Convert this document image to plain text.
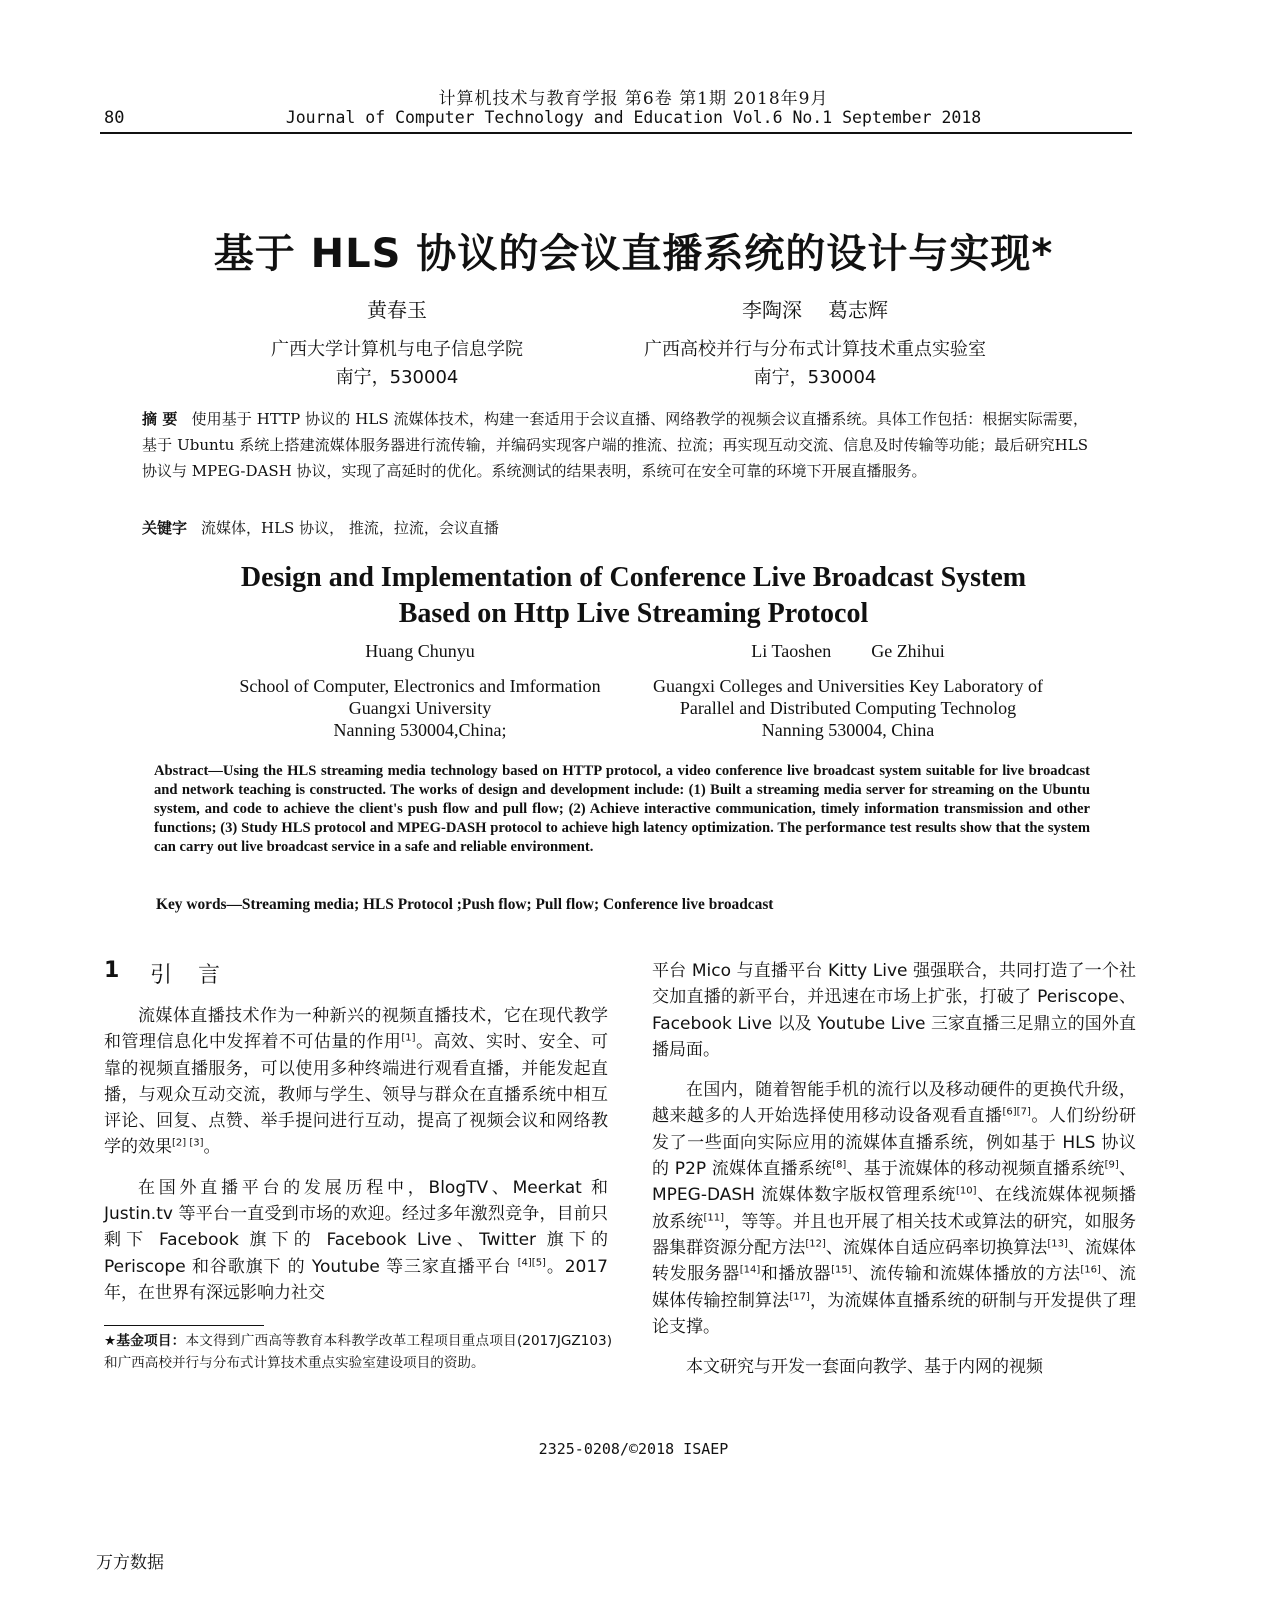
计算机技术与教育学报 第6卷 第1期 2018年9月
80	Journal of Computer Technology and Education Vol.6 No.1 September 2018
基于 HLS 协议的会议直播系统的设计与实现*
黄春玉	李陶深 葛志辉
广西大学计算机与电子信息学院
南宁，530004
广西高校并行与分布式计算技术重点实验室
南宁，530004
摘 要 使用基于 HTTP 协议的 HLS 流媒体技术，构建一套适用于会议直播、网络教学的视频会议直播系统。具体工作包括：根据实际需要，基于 Ubuntu 系统上搭建流媒体服务器进行流传输，并编码实现客户端的推流、拉流；再实现互动交流、信息及时传输等功能；最后研究HLS 协议与 MPEG-DASH 协议，实现了高延时的优化。系统测试的结果表明，系统可在安全可靠的环境下开展直播服务。
关键字 流媒体，HLS 协议， 推流，拉流，会议直播
Design and Implementation of Conference Live Broadcast System
Based on Http Live Streaming Protocol
Huang Chunyu	Li Taoshen Ge Zhihui
School of Computer, Electronics and Imformation
Guangxi University
Nanning 530004,China;
Guangxi Colleges and Universities Key Laboratory of
Parallel and Distributed Computing Technolog
Nanning 530004, China
Abstract—Using the HLS streaming media technology based on HTTP protocol, a video conference live broadcast system suitable for live broadcast and network teaching is constructed. The works of design and development include: (1) Built a streaming media server for streaming on the Ubuntu system, and code to achieve the client's push flow and pull flow; (2) Achieve interactive communication, timely information transmission and other functions; (3) Study HLS protocol and MPEG-DASH protocol to achieve high latency optimization. The performance test results show that the system can carry out live broadcast service in a safe and reliable environment.
Key words—Streaming media; HLS Protocol ;Push flow; Pull flow; Conference live broadcast
1 引言

流媒体直播技术作为一种新兴的视频直播技术，它在现代教学和管理信息化中发挥着不可估量的作用[1]。高效、实时、安全、可靠的视频直播服务，可以使用多种终端进行观看直播，并能发起直播，与观众互动交流，教师与学生、领导与群众在直播系统中相互评论、回复、点赞、举手提问进行互动，提高了视频会议和网络教学的效果[2] [3]。

在国外直播平台的发展历程中，BlogTV、Meerkat 和 Justin.tv 等平台一直受到市场的欢迎。经过多年激烈竞争，目前只剩下 Facebook 旗下的 Facebook Live、Twitter 旗下的 Periscope 和谷歌旗下 的 Youtube 等三家直播平台 [4][5]。2017 年，在世界有深远影响力社交

★基金项目：本文得到广西高等教育本科教学改革工程项目重点项目(2017JGZ103)和广西高校并行与分布式计算技术重点实验室建设项目的资助。

平台 Mico 与直播平台 Kitty Live 强强联合，共同打造了一个社交加直播的新平台，并迅速在市场上扩张，打破了 Periscope、Facebook Live 以及 Youtube Live 三家直播三足鼎立的国外直播局面。

在国内，随着智能手机的流行以及移动硬件的更换代升级，越来越多的人开始选择使用移动设备观看直播[6][7]。人们纷纷研发了一些面向实际应用的流媒体直播系统，例如基于 HLS 协议的 P2P 流媒体直播系统[8]、基于流媒体的移动视频直播系统[9]、MPEG-DASH 流媒体数字版权管理系统[10]、在线流媒体视频播放系统[11]，等等。并且也开展了相关技术或算法的研究，如服务器集群资源分配方法[12]、流媒体自适应码率切换算法[13]、流媒体转发服务器[14]和播放器[15]、流传输和流媒体播放的方法[16]、流媒体传输控制算法[17]，为流媒体直播系统的研制与开发提供了理论支撑。

本文研究与开发一套面向教学、基于内网的视频

2325-0208/©2018 ISAEP
万方数据
